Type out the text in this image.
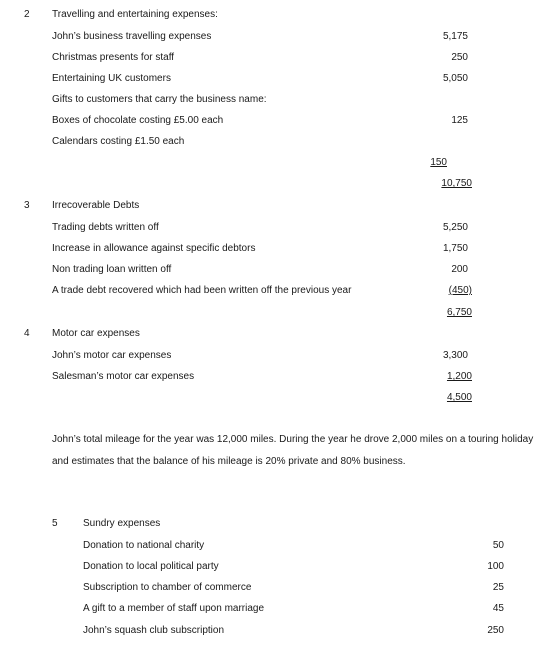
2 Travelling and entertaining expenses:
John’s business travelling expenses	5,175
Christmas presents for staff	250
Entertaining UK customers	5,050
Gifts to customers that carry the business name:
Boxes of chocolate costing £5.00 each	125
Calendars costing £1.50 each
150
10,750
3 Irrecoverable Debts
Trading debts written off	5,250
Increase in allowance against specific debtors	1,750
Non trading loan written off	200
A trade debt recovered which had been written off the previous year	(450)
6,750
4 Motor car expenses
John’s motor car expenses	3,300
Salesman’s motor car expenses	1,200
4,500
John’s total mileage for the year was 12,000 miles. During the year he drove 2,000 miles on a touring holiday
and estimates that the balance of his mileage is 20% private and 80% business.
5	Sundry expenses
Donation to national charity	50
Donation to local political party	100
Subscription to chamber of commerce	25
A gift to a member of staff upon marriage	45
John’s squash club subscription	250
